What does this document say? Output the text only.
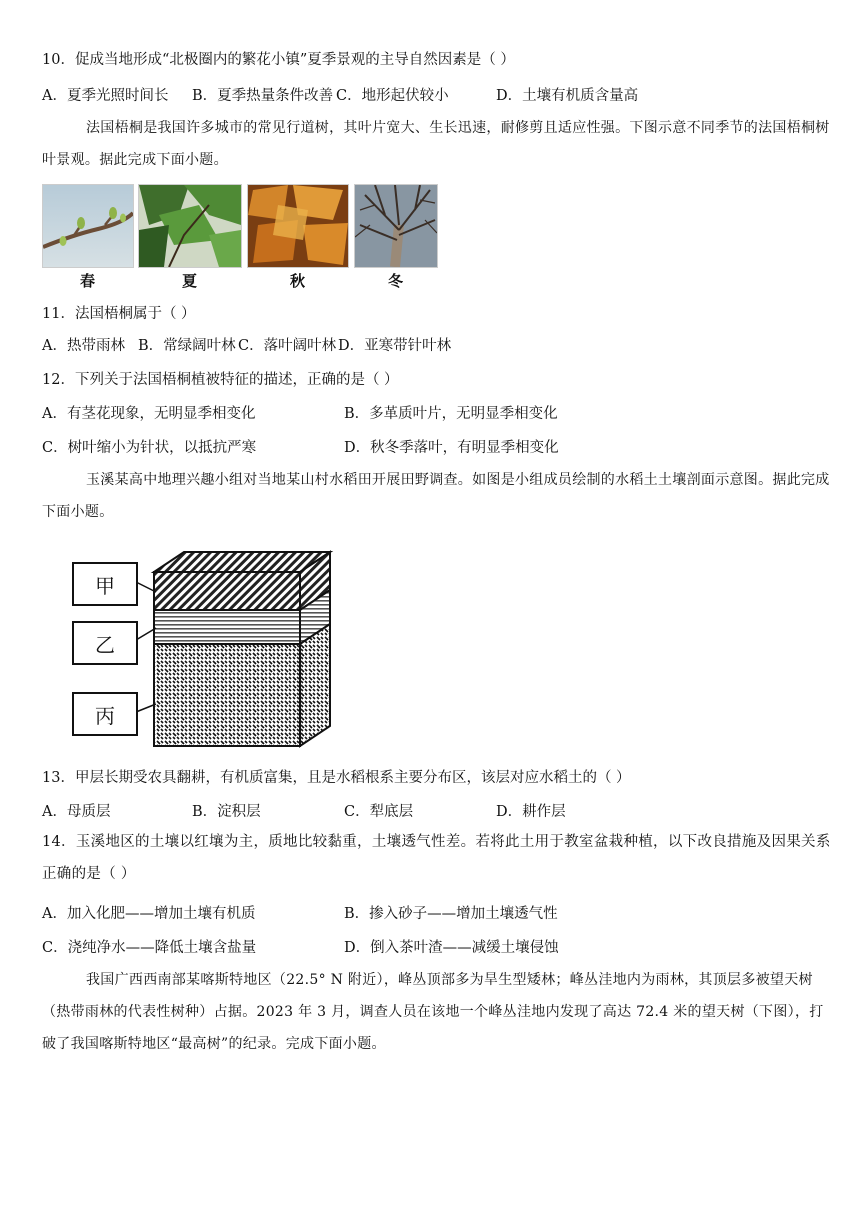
10．促成当地形成“北极圈内的繁花小镇”夏季景观的主导自然因素是（ ）
A．夏季光照时间长 B．夏季热量条件改善 C．地形起伏较小	D．土壤有机质含量高
法国梧桐是我国许多城市的常见行道树，其叶片宽大、生长迅速，耐修剪且适应性强。下图示意不同季节的法国梧桐树叶景观。据此完成下面小题。
春	夏	秋	冬
11．法国梧桐属于（ ）
A．热带雨林 B．常绿阔叶林 C．落叶阔叶林 D．亚寒带针叶林
12．下列关于法国梧桐植被特征的描述，正确的是（ ）
A．有茎花现象，无明显季相变化	B．多革质叶片，无明显季相变化
C．树叶缩小为针状，以抵抗严寒	D．秋冬季落叶，有明显季相变化
玉溪某高中地理兴趣小组对当地某山村水稻田开展田野调查。如图是小组成员绘制的水稻土土壤剖面示意图。据此完成下面小题。
甲
乙
丙
13．甲层长期受农具翻耕，有机质富集，且是水稻根系主要分布区，该层对应水稻土的（ ）
A．母质层	B．淀积层	C．犁底层	D．耕作层
14．玉溪地区的土壤以红壤为主，质地比较黏重，土壤透气性差。若将此土用于教室盆栽种植，以下改良措施及因果关系正确的是（ ）
A．加入化肥——增加土壤有机质	B．掺入砂子——增加土壤透气性
C．浇纯净水——降低土壤含盐量	D．倒入茶叶渣——减缓土壤侵蚀
我国广西西南部某喀斯特地区（22.5° N 附近），峰丛顶部多为旱生型矮林；峰丛洼地内为雨林，其顶层多被望天树（热带雨林的代表性树种）占据。2023 年 3 月，调查人员在该地一个峰丛洼地内发现了高达 72.4 米的望天树（下图），打破了我国喀斯特地区“最高树”的纪录。完成下面小题。
